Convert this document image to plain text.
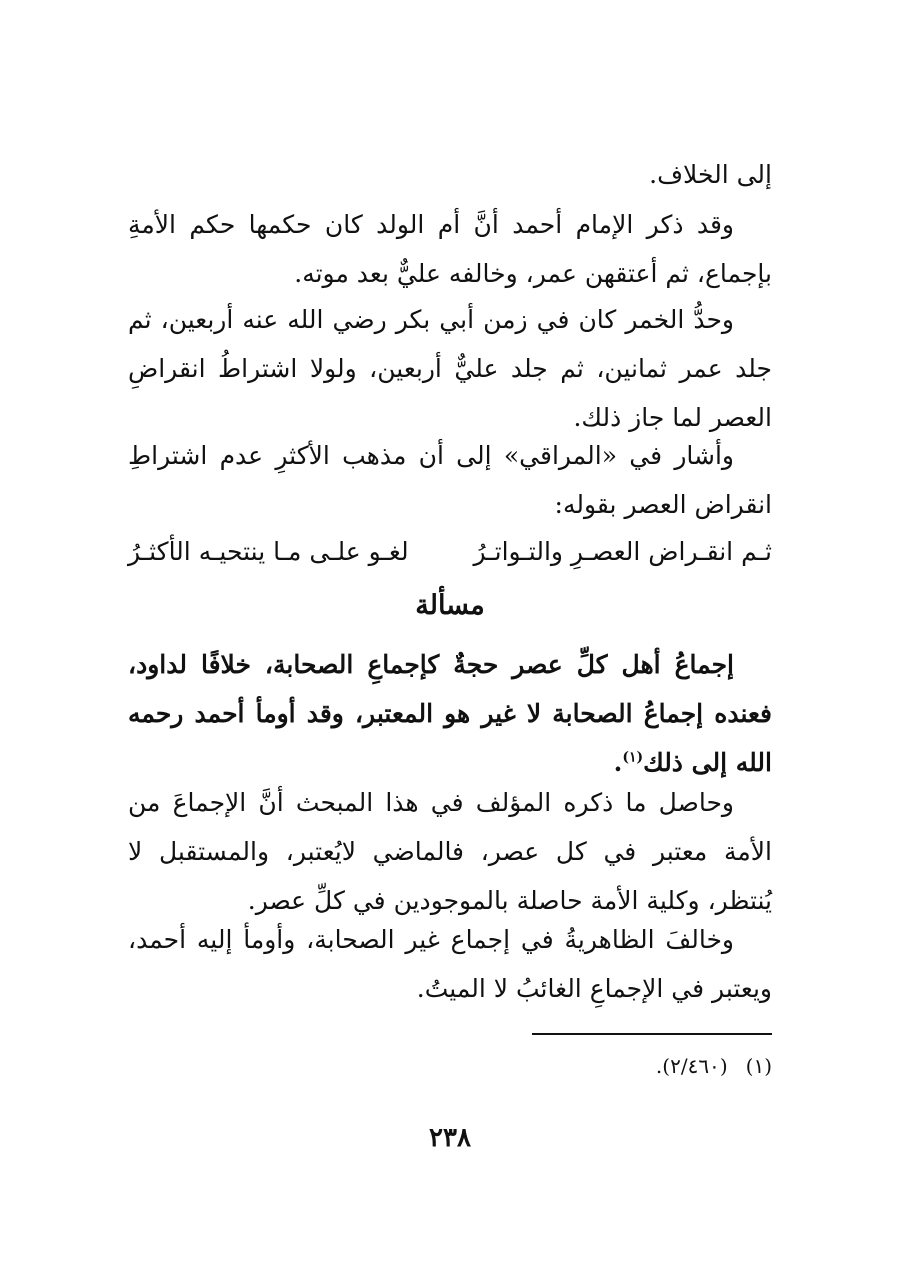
إلى الخلاف.

وقد ذكر الإمام أحمد أنَّ أم الولد كان حكمها حكم الأمةِ بإجماع، ثم أعتقهن عمر، وخالفه عليٌّ بعد موته.

وحدُّ الخمر كان في زمن أبي بكر رضي الله عنه أربعين، ثم جلد عمر ثمانين، ثم جلد عليٌّ أربعين، ولولا اشتراطُ انقراضِ العصر لما جاز ذلك.

وأشار في «المراقي» إلى أن مذهب الأكثرِ عدم اشتراطِ انقراض العصر بقوله:

ثـم انقـراض العصـرِ والتـواتـرُ
لغـو علـى مـا ينتحيـه الأكثـرُ
مسألة

إجماعُ أهل كلِّ عصر حجةٌ كإجماعِ الصحابة، خلافًا لداود، فعنده إجماعُ الصحابة لا غير هو المعتبر، وقد أومأ أحمد رحمه الله إلى ذلك$^{(١)}$.

وحاصل ما ذكره المؤلف في هذا المبحث أنَّ الإجماعَ من الأمة معتبر في كل عصر، فالماضي لايُعتبر، والمستقبل لا يُنتظر، وكلية الأمة حاصلة بالموجودين في كلِّ عصر.

وخالفَ الظاهريةُ في إجماع غير الصحابة، وأومأ إليه أحمد، ويعتبر في الإجماعِ الغائبُ لا الميتُ.

(١)(٢/٤٦٠).
٢٣٨
